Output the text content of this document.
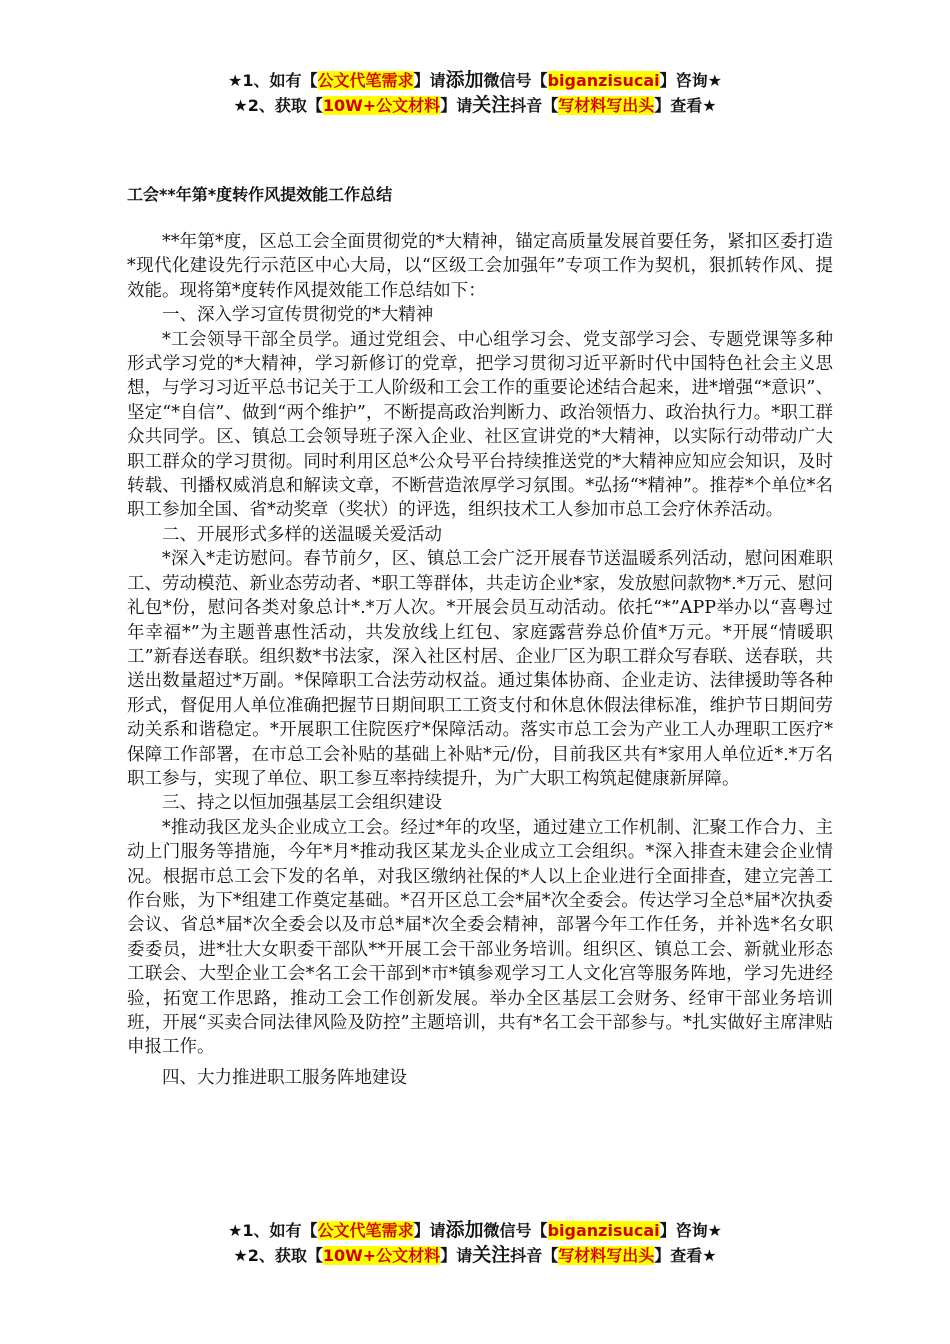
★1、如有【公文代笔需求】请添加微信号【biganzisucai】咨询★
★2、获取【10W+公文材料】请关注抖音【写材料写出头】查看★
工会**年第*度转作风提效能工作总结

**年第*度，区总工会全面贯彻党的*大精神，锚定高质量发展首要任务，紧扣区委打造*现代化建设先行示范区中心大局，以“区级工会加强年”专项工作为契机，狠抓转作风、提效能。现将第*度转作风提效能工作总结如下：

一、深入学习宣传贯彻党的*大精神

*工会领导干部全员学。通过党组会、中心组学习会、党支部学习会、专题党课等多种形式学习党的*大精神，学习新修订的党章，把学习贯彻习近平新时代中国特色社会主义思想，与学习习近平总书记关于工人阶级和工会工作的重要论述结合起来，进*增强“*意识”、坚定“*自信”、做到“两个维护”，不断提高政治判断力、政治领悟力、政治执行力。*职工群众共同学。区、镇总工会领导班子深入企业、社区宣讲党的*大精神，以实际行动带动广大职工群众的学习贯彻。同时利用区总*公众号平台持续推送党的*大精神应知应会知识，及时转载、刊播权威消息和解读文章，不断营造浓厚学习氛围。*弘扬“*精神”。推荐*个单位*名职工参加全国、省*动奖章（奖状）的评选，组织技术工人参加市总工会疗休养活动。

二、开展形式多样的送温暖关爱活动

*深入*走访慰问。春节前夕，区、镇总工会广泛开展春节送温暖系列活动，慰问困难职工、劳动模范、新业态劳动者、*职工等群体，共走访企业*家，发放慰问款物*.*万元、慰问礼包*份，慰问各类对象总计*.*万人次。*开展会员互动活动。依托“*”APP举办以“喜粤过年幸福*”为主题普惠性活动，共发放线上红包、家庭露营券总价值*万元。*开展“情暖职工”新春送春联。组织数*书法家，深入社区村居、企业厂区为职工群众写春联、送春联，共送出数量超过*万副。*保障职工合法劳动权益。通过集体协商、企业走访、法律援助等各种形式，督促用人单位准确把握节日期间职工工资支付和休息休假法律标准，维护节日期间劳动关系和谐稳定。*开展职工住院医疗*保障活动。落实市总工会为产业工人办理职工医疗*保障工作部署，在市总工会补贴的基础上补贴*元/份，目前我区共有*家用人单位近*.*万名职工参与，实现了单位、职工参互率持续提升，为广大职工构筑起健康新屏障。

三、持之以恒加强基层工会组织建设

*推动我区龙头企业成立工会。经过*年的攻坚，通过建立工作机制、汇聚工作合力、主动上门服务等措施，今年*月*推动我区某龙头企业成立工会组织。*深入排查未建会企业情况。根据市总工会下发的名单，对我区缴纳社保的*人以上企业进行全面排查，建立完善工作台账，为下*组建工作奠定基础。*召开区总工会*届*次全委会。传达学习全总*届*次执委会议、省总*届*次全委会以及市总*届*次全委会精神，部署今年工作任务，并补选*名女职委委员，进*壮大女职委干部队**开展工会干部业务培训。组织区、镇总工会、新就业形态工联会、大型企业工会*名工会干部到*市*镇参观学习工人文化宫等服务阵地，学习先进经验，拓宽工作思路，推动工会工作创新发展。举办全区基层工会财务、经审干部业务培训班，开展“买卖合同法律风险及防控”主题培训，共有*名工会干部参与。*扎实做好主席津贴申报工作。

四、大力推进职工服务阵地建设

★1、如有【公文代笔需求】请添加微信号【biganzisucai】咨询★
★2、获取【10W+公文材料】请关注抖音【写材料写出头】查看★
